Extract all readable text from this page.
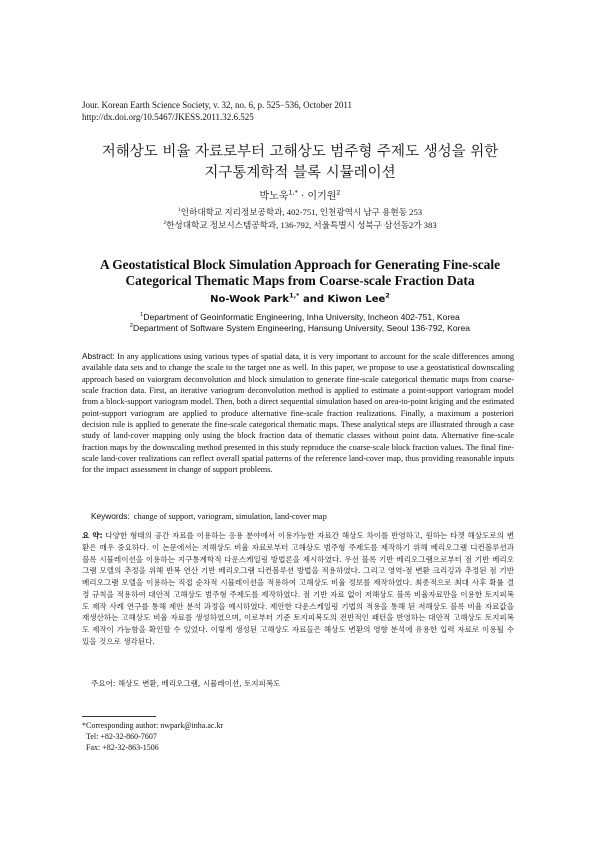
Jour. Korean Earth Science Society, v. 32, no. 6, p. 525−536, October 2011
http://dx.doi.org/10.5467/JKESS.2011.32.6.525
저해상도 비율 자료로부터 고해상도 범주형 주제도 생성을 위한
지구통계학적 블록 시뮬레이션
박노욱$^{1,*}$ · 이기원$^2$
$^1$인하대학교 지리정보공학과, 402-751, 인천광역시 남구 용현동 253
$^2$한성대학교 정보시스템공학과, 136-792, 서울특별시 성북구 삼선동2가 383
A Geostatistical Block Simulation Approach for Generating Fine-scale
Categorical Thematic Maps from Coarse-scale Fraction Data
No-Wook Park$^{1,*}$ and Kiwon Lee$^2$
$^1$Department of Geoinformatic Engineering, Inha University, Incheon 402-751, Korea
$^2$Department of Software System Engineering, Hansung University, Seoul 136-792, Korea
Abstract: In any applications using various types of spatial data, it is very important to account for the scale differences among available data sets and to change the scale to the target one as well. In this paper, we propose to use a geostatistical downscaling approach based on vaiorgram deconvolution and block simulation to generate fine-scale categorical thematic maps from coarse-scale fraction data. First, an iterative variogram deconvolution method is applied to estimate a point-support variogram model from a block-support variogram model. Then, both a direct sequential simulation based on area-to-point kriging and the estimated point-support variogram are applied to produce alternative fine-scale fraction realizations. Finally, a maximum a posteriori decision rule is applied to generate the fine-scale categorical thematic maps. These analytical steps are illustrated through a case study of land-cover mapping only using the block fraction data of thematic classes without point data. Alternative fine-scale fraction maps by the downscaling method presented in this study reproduce the coarse-scale block fraction values. The final fine-scale land-cover realizations can reflect overall spatial patterns of the reference land-cover map, thus providing reasonable inputs for the impact assessment in change of support problems.
Keywords: change of support, variogram, simulation, land-cover map
요 약: 다양한 형태의 공간 자료를 이용하는 응용 분야에서 이용가능한 자료간 해상도 차이를 반영하고, 원하는 타겟 해상도로의 변환은 매우 중요하다. 이 논문에서는 저해상도 비율 자료로부터 고해상도 범주형 주제도를 제작하기 위해 베리오그램 디컨볼루션과 블록 시뮬레이션을 이용하는 지구통계학적 다운스케일링 방법론을 제시하였다. 우선 블록 기반 베리오그램으로부터 점 기반 베리오그램 모델의 추정을 위해 반복 연산 기반 베리오그램 디컨볼루션 방법을 적용하였다. 그리고 영역-점 변환 크리깅과 추정된 점 기반 베리오그램 모델을 이용하는 직접 순차적 시뮬레이션을 적용하여 고해상도 비율 정보를 제작하였다. 최종적으로 최대 사후 확률 결정 규칙을 적용하여 대안적 고해상도 범주형 주제도를 제작하였다. 점 기반 자료 없이 저해상도 블록 비율자료만을 이용한 토지피복도 제작 사례 연구를 통해 제안 분석 과정을 예시하였다. 제안한 다운스케일링 기법의 적용을 통해 된 저해상도 블록 비율 자료값을 재생산하는 고해상도 비율 자료를 생성하였으며, 이로부터 기준 토지피복도의 전반적인 패턴을 반영하는 대안적 고해상도 토지피복도 제작이 가능함을 확인할 수 있었다. 이렇게 생성된 고해상도 자료들은 해상도 변환의 영향 분석에 유용한 입력 자료로 이용될 수 있을 것으로 생각된다.
주요어: 해상도 변환, 베리오그램, 시뮬레이션, 토지피복도
*Corresponding author: nwpark@inha.ac.kr
Tel: +82-32-860-7607
Fax: +82-32-863-1506
